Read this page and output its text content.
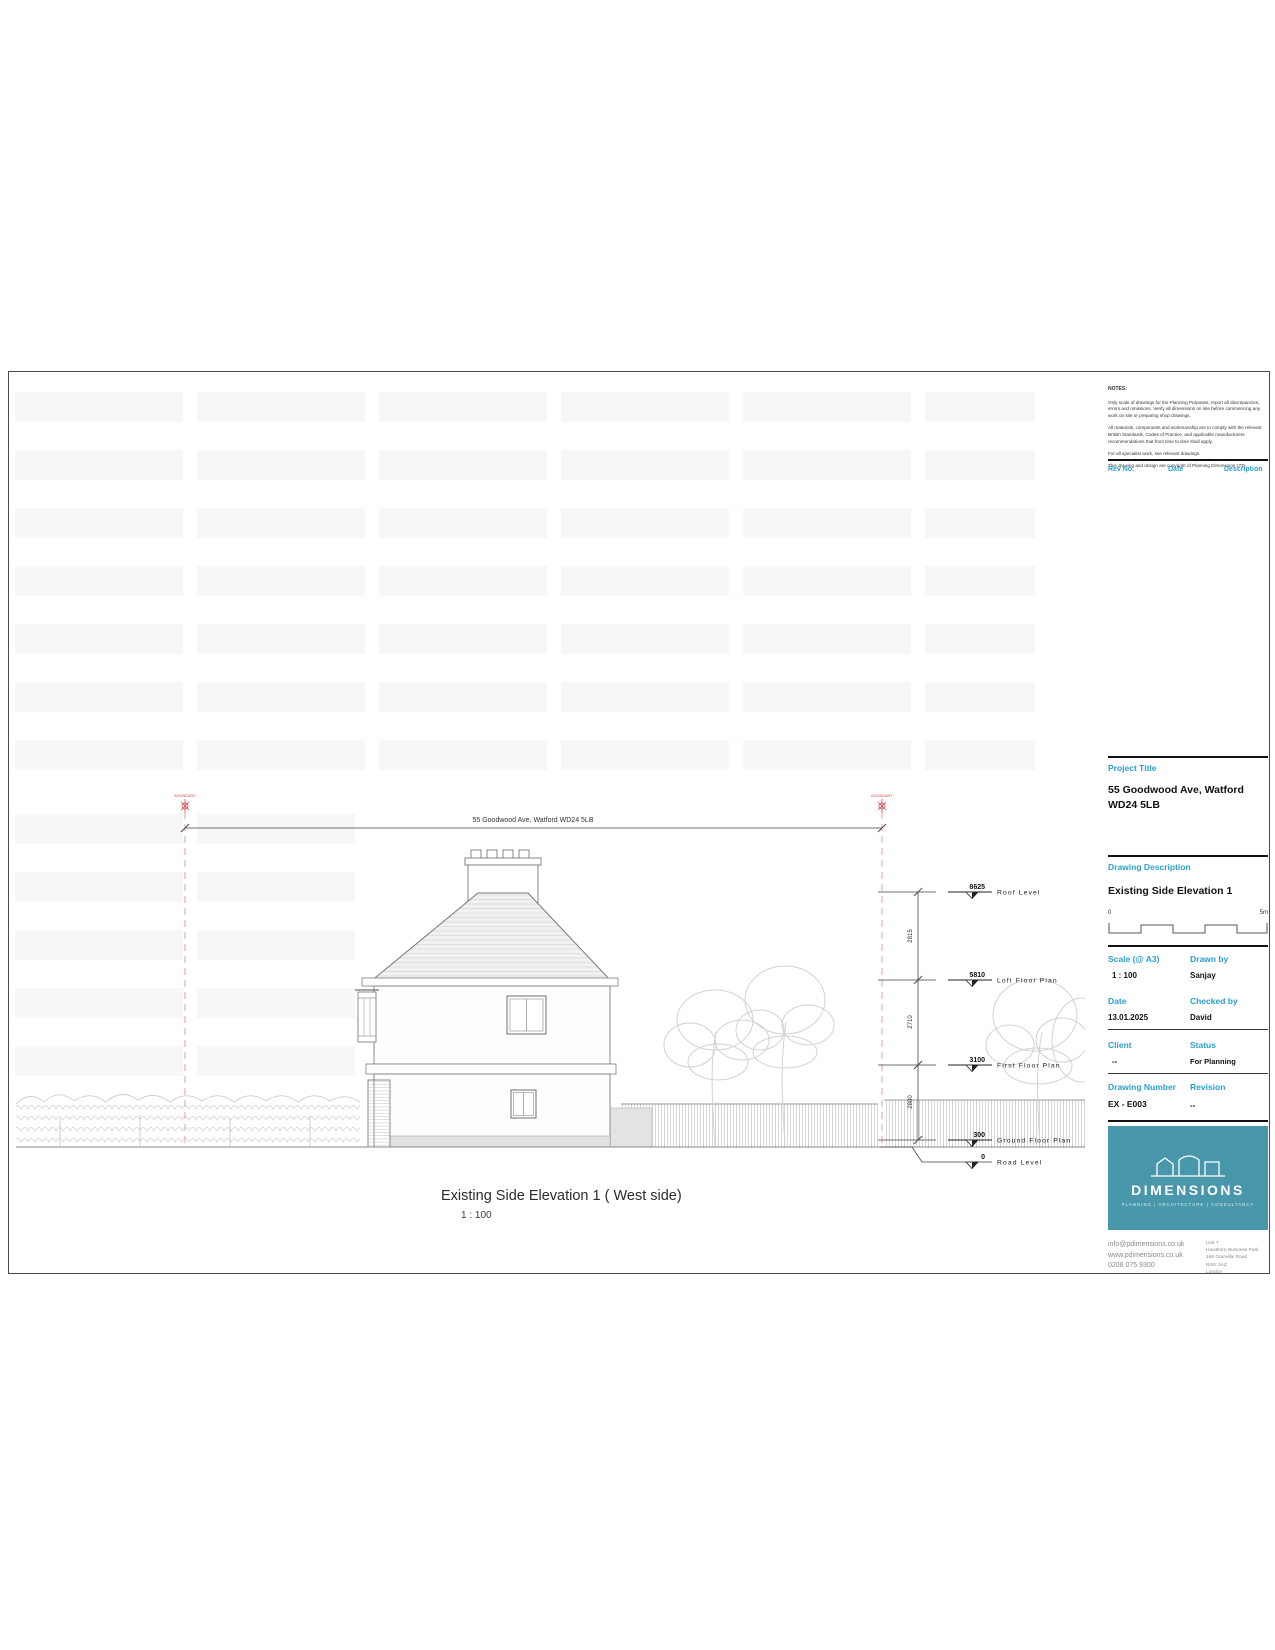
BOUNDARY	BOUNDARY
55 Goodwood Ave, Watford WD24 5LB
2815
2710
2800
8625
Roof Level
5810
Loft Floor Plan
3100
First Floor Plan
300
Ground Floor Plan
0
Road Level
Existing Side Elevation 1 ( West side)
1 : 100

NOTES:

Only scale of drawings for the Planning Purposes; report all discrepancies, errors and omissions. Verify all dimensions on site before commencing any work on site or preparing shop drawings.

All materials, components and workmanship are to comply with the relevant British Standards, Codes of Practice, and applicable manufacturers recommendations that from time to time shall apply.

For all specialist work, see relevant drawings.

This drawing and design are copyright of Planning Dimensions LTD.

Rev No.	Date	Description
Project Title
55 Goodwood Ave, Watford WD24 5LB
Drawing Description
Existing Side Elevation 1
0	5m
Scale (@ A3)
1 : 100
Drawn by
Sanjay
Date
13.01.2025
Checked by
David
Client
--
Status
For Planning
Drawing Number
EX - E003
Revision
--
DIMENSIONS
PLANNING | ARCHITECTURE | CONSULTANCY
info@pdimensions.co.uk
www.pdimensions.co.uk
0208 075 9300
Unit 7
Hawthorn Business Park
166 Granville Road
NW2 3AZ
London
